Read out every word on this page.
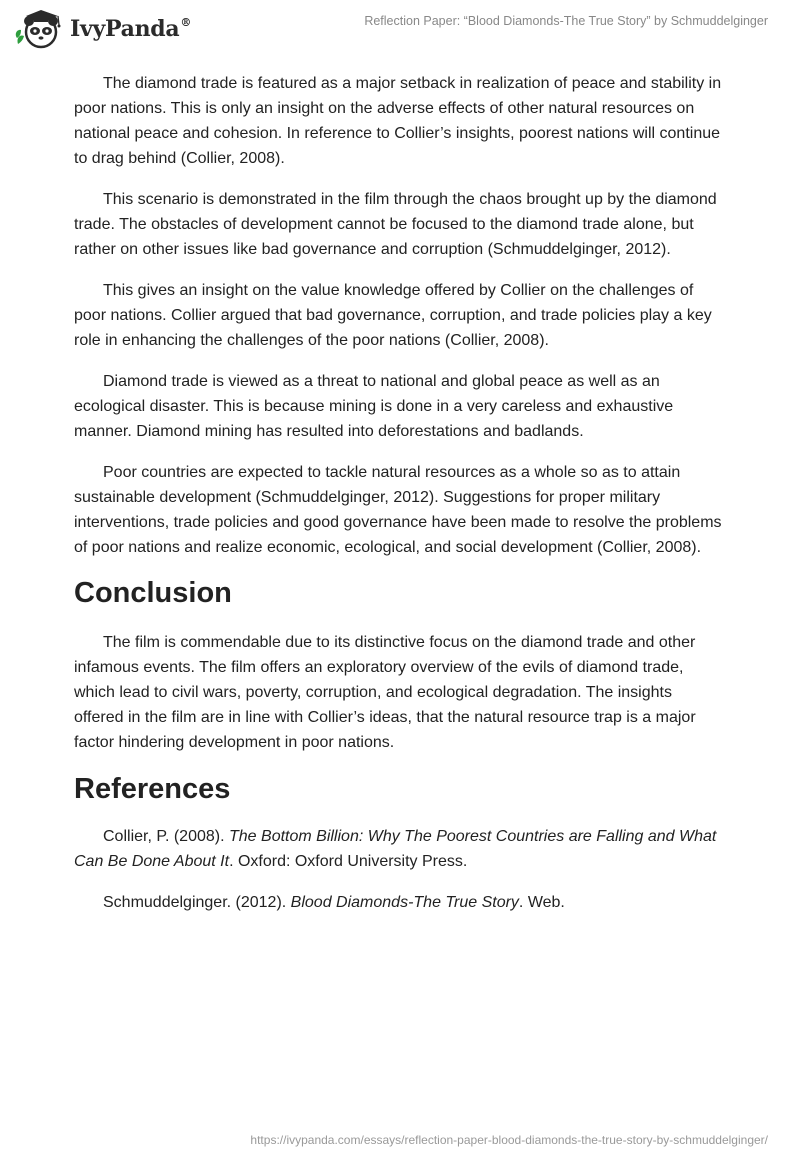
IvyPanda®	Reflection Paper: “Blood Diamonds-The True Story” by Schmuddelginger

The diamond trade is featured as a major setback in realization of peace and stability in poor nations. This is only an insight on the adverse effects of other natural resources on national peace and cohesion. In reference to Collier’s insights, poorest nations will continue to drag behind (Collier, 2008).

This scenario is demonstrated in the film through the chaos brought up by the diamond trade. The obstacles of development cannot be focused to the diamond trade alone, but rather on other issues like bad governance and corruption (Schmuddelginger, 2012).

This gives an insight on the value knowledge offered by Collier on the challenges of poor nations. Collier argued that bad governance, corruption, and trade policies play a key role in enhancing the challenges of the poor nations (Collier, 2008).

Diamond trade is viewed as a threat to national and global peace as well as an ecological disaster. This is because mining is done in a very careless and exhaustive manner. Diamond mining has resulted into deforestations and badlands.

Poor countries are expected to tackle natural resources as a whole so as to attain sustainable development (Schmuddelginger, 2012). Suggestions for proper military interventions, trade policies and good governance have been made to resolve the problems of poor nations and realize economic, ecological, and social development (Collier, 2008).

Conclusion

The film is commendable due to its distinctive focus on the diamond trade and other infamous events. The film offers an exploratory overview of the evils of diamond trade, which lead to civil wars, poverty, corruption, and ecological degradation. The insights offered in the film are in line with Collier’s ideas, that the natural resource trap is a major factor hindering development in poor nations.

References

Collier, P. (2008). The Bottom Billion: Why The Poorest Countries are Falling and What Can Be Done About It. Oxford: Oxford University Press.

Schmuddelginger. (2012). Blood Diamonds-The True Story. Web.

https://ivypanda.com/essays/reflection-paper-blood-diamonds-the-true-story-by-schmuddelginger/
